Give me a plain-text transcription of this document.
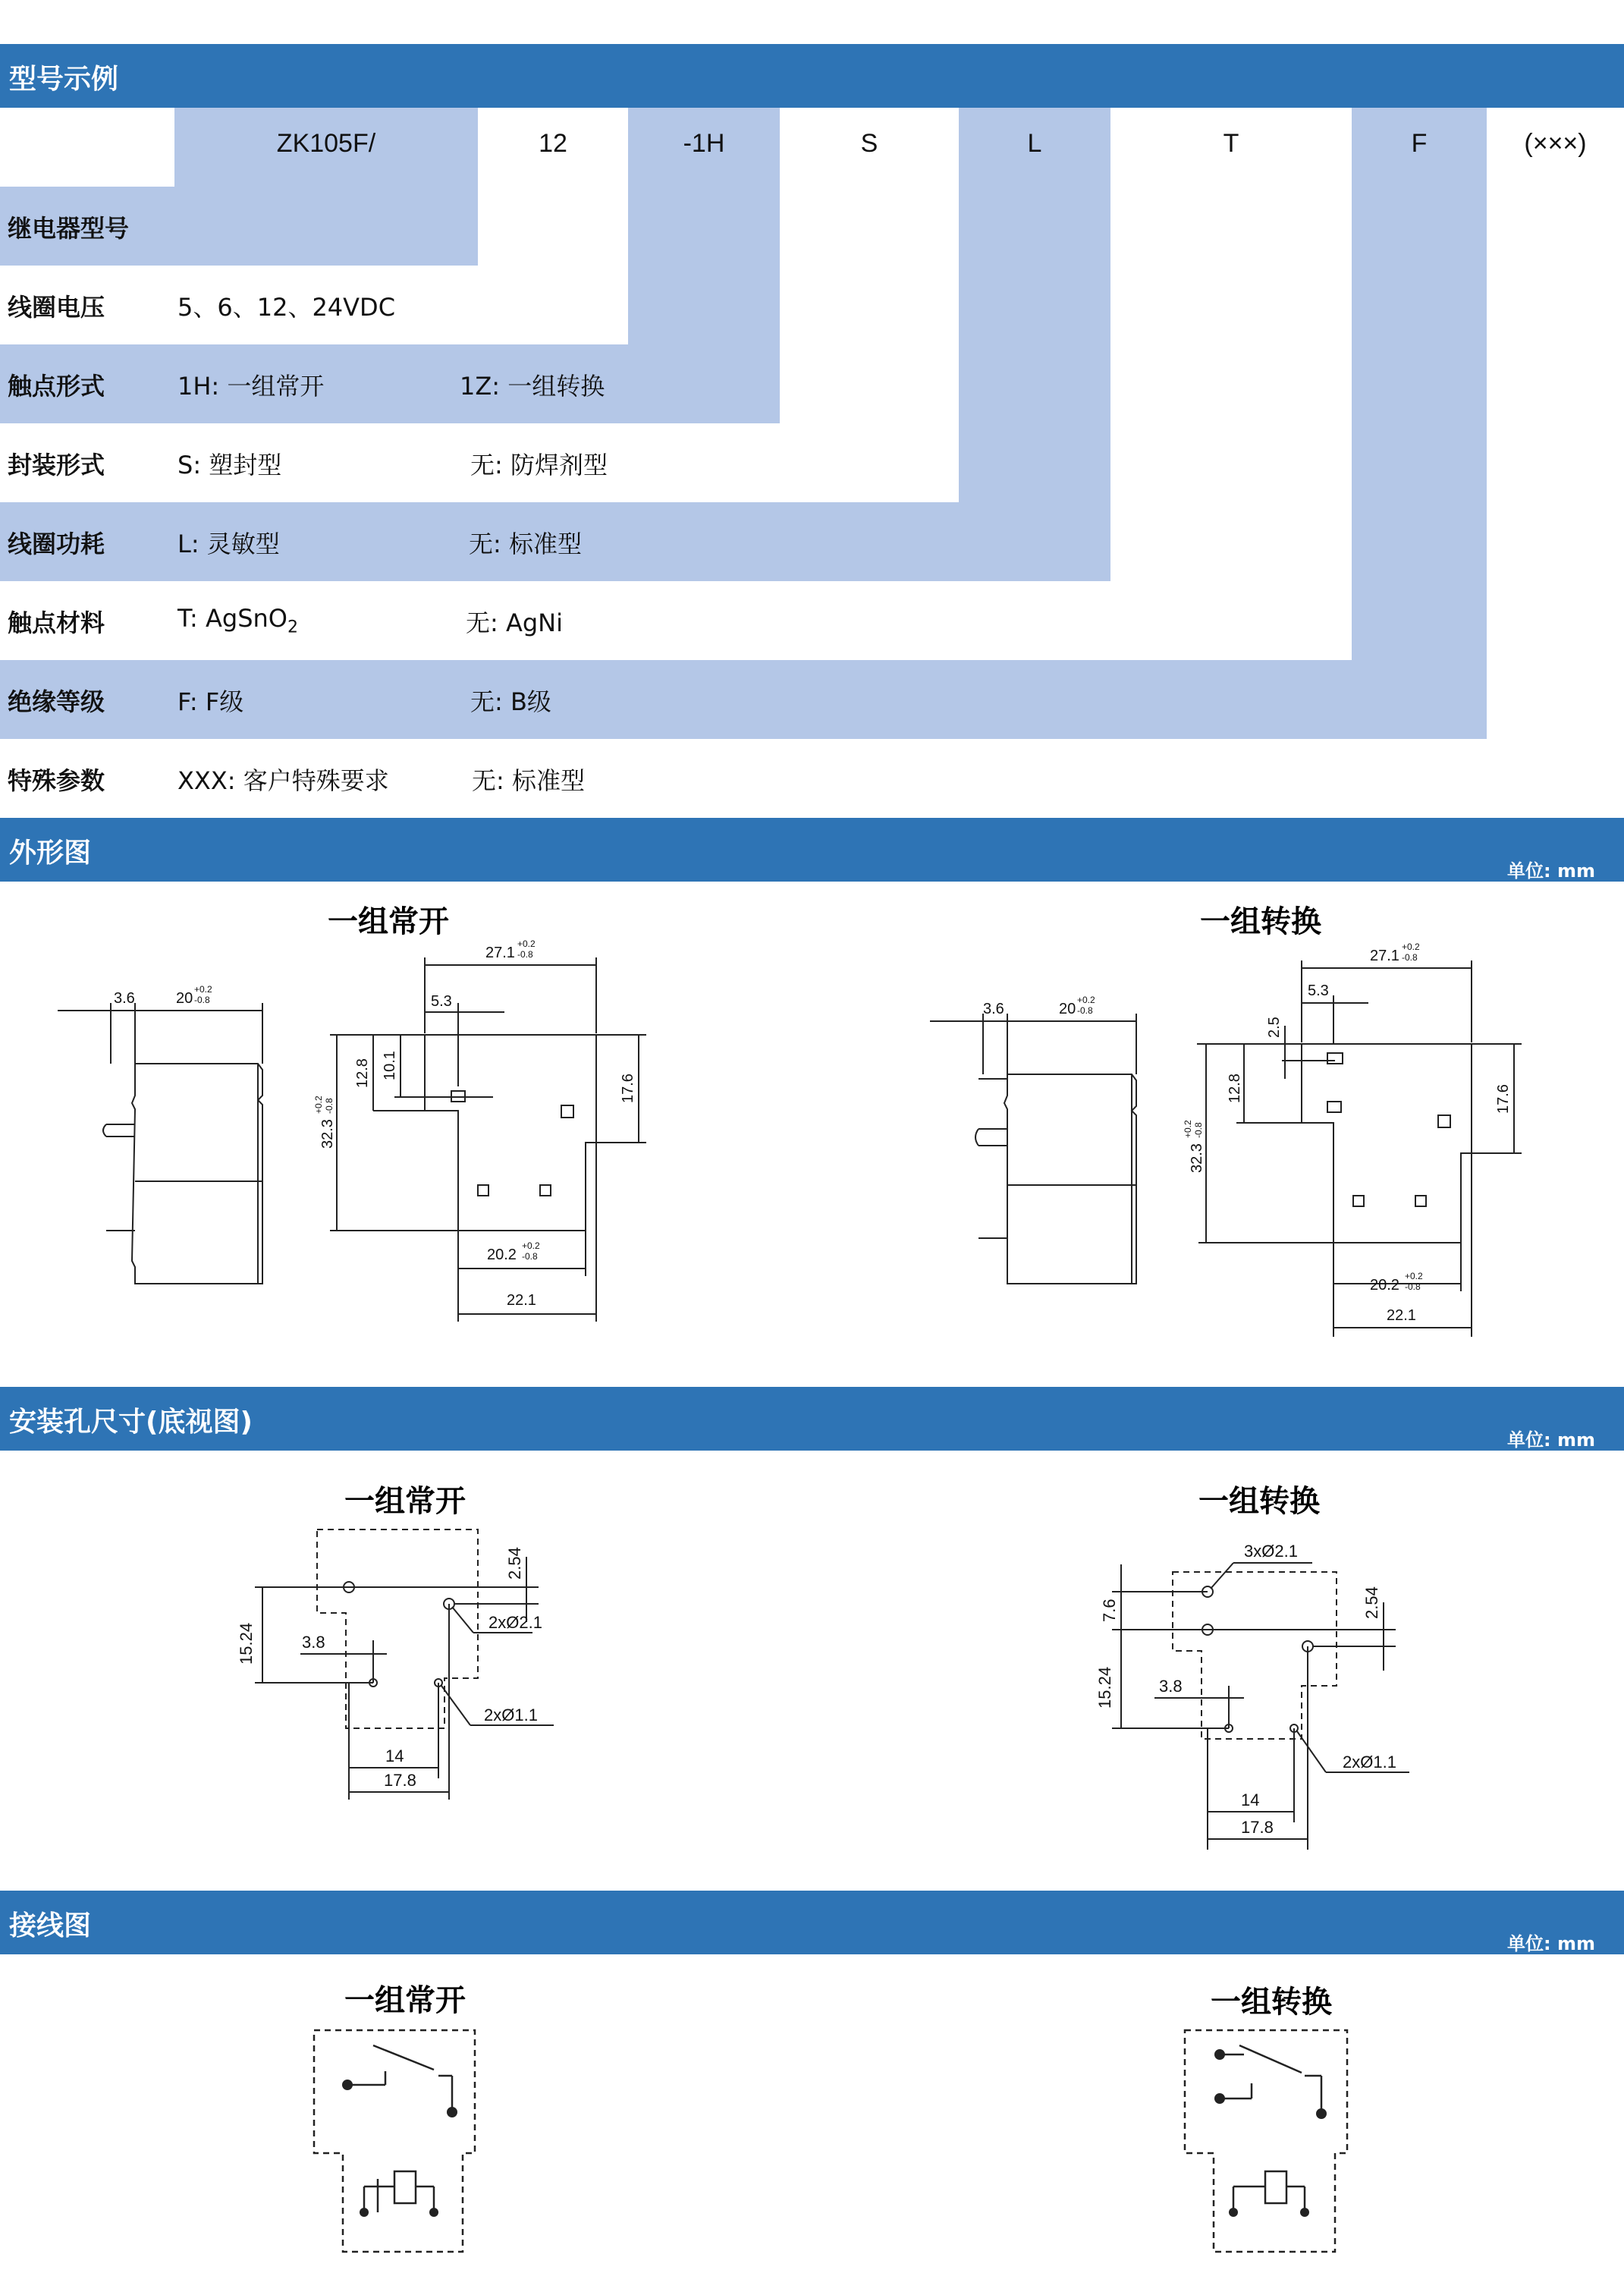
型号示例
ZK105F/	12	-1H	S	L	T	F	(×××)
继电器型号
线圈电压	5、6、12、24VDC
触点形式	1H: 一组常开	1Z: 一组转换
封装形式	S: 塑封型	无: 防焊剂型
线圈功耗	L: 灵敏型	无: 标准型
触点材料	T: AgSnO$_2$	无: AgNi
绝缘等级	F: F级	无: B级
特殊参数	XXX: 客户特殊要求	无: 标准型
外形图
单位: mm
一组常开	一组转换
3.6	20
+0.2
-0.8
27.1
+0.2
-0.8
5.3
12.8 10.1
32.3
+0.2 -0.8
17.6
20.2
+0.2
-0.8
22.1
3.6	20
+0.2
-0.8
27.1
+0.2
-0.8
5.3
2.5
12.8
32.3
+0.2 -0.8
17.6
20.2
+0.2
-0.8
22.1
安装孔尺寸(底视图)
单位: mm
一组常开	一组转换
2.54
15.24	3.8
14
17.8
2xØ2.1
2xØ1.1
3xØ2.1
7.6	2.54
15.24	3.8
14
17.8
2xØ1.1
接线图
单位: mm
一组常开	一组转换
